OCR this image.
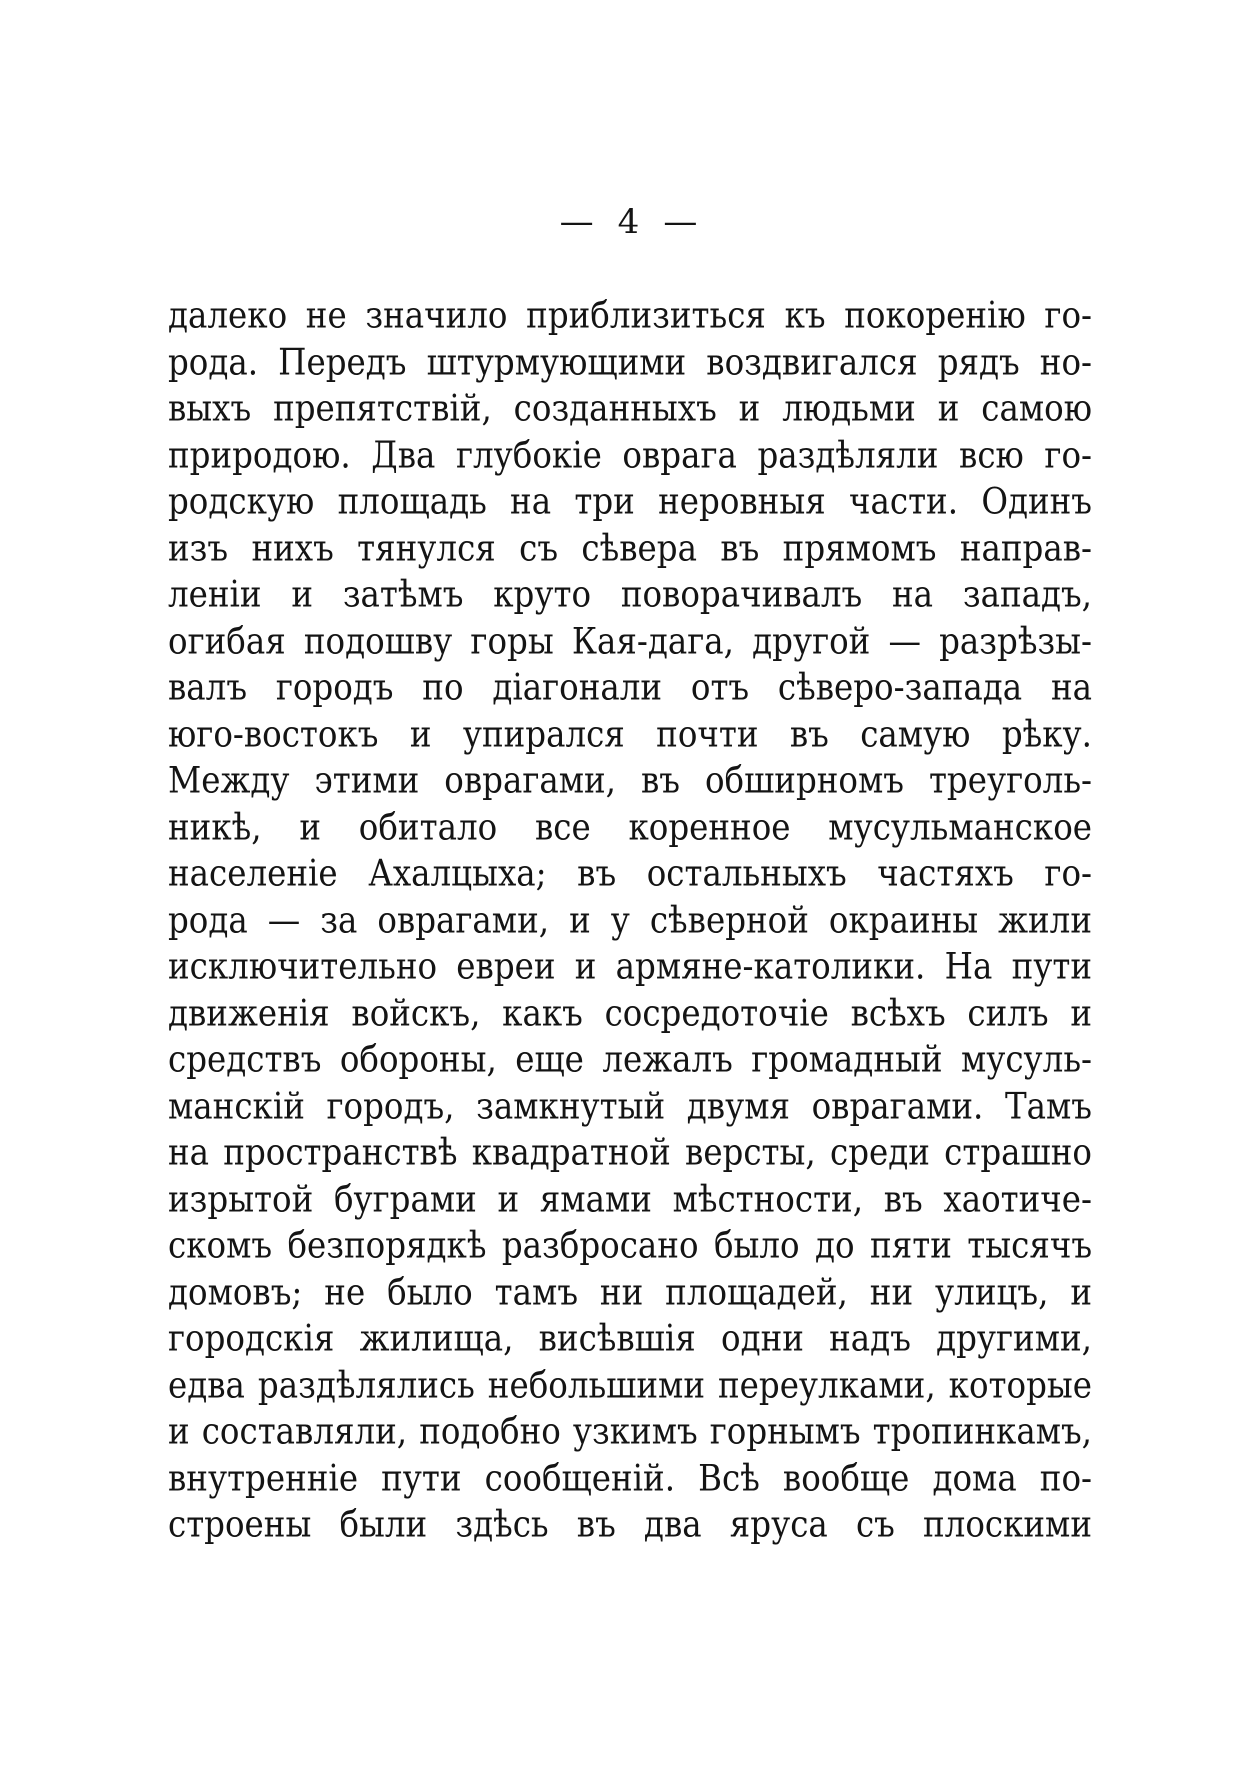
— 4 —
далеко не значило приблизиться къ покоренію го-
рода. Передъ штурмующими воздвигался рядъ но-
выхъ препятствій, созданныхъ и людьми и самою
природою. Два глубокіе оврага раздѣляли всю го-
родскую площадь на три неровныя части. Одинъ
изъ нихъ тянулся съ сѣвера въ прямомъ направ-
леніи и затѣмъ круто поворачивалъ на западъ,
огибая подошву горы Кая-дага, другой — разрѣзы-
валъ городъ по діагонали отъ сѣверо-запада на
юго-востокъ и упирался почти въ самую рѣку.
Между этими оврагами, въ обширномъ треуголь-
никѣ, и обитало все коренное мусульманское
населеніе Ахалцыха; въ остальныхъ частяхъ го-
рода — за оврагами, и у сѣверной окраины жили
исключительно евреи и армяне-католики. На пути
движенія войскъ, какъ сосредоточіе всѣхъ силъ и
средствъ обороны, еще лежалъ громадный мусуль-
манскій городъ, замкнутый двумя оврагами. Тамъ
на пространствѣ квадратной версты, среди страшно
изрытой буграми и ямами мѣстности, въ хаотиче-
скомъ безпорядкѣ разбросано было до пяти тысячъ
домовъ; не было тамъ ни площадей, ни улицъ, и
городскія жилища, висѣвшія одни надъ другими,
едва раздѣлялись небольшими переулками, которые
и составляли, подобно узкимъ горнымъ тропинкамъ,
внутренніе пути сообщеній. Всѣ вообще дома по-
строены были здѣсь въ два яруса съ плоскими
